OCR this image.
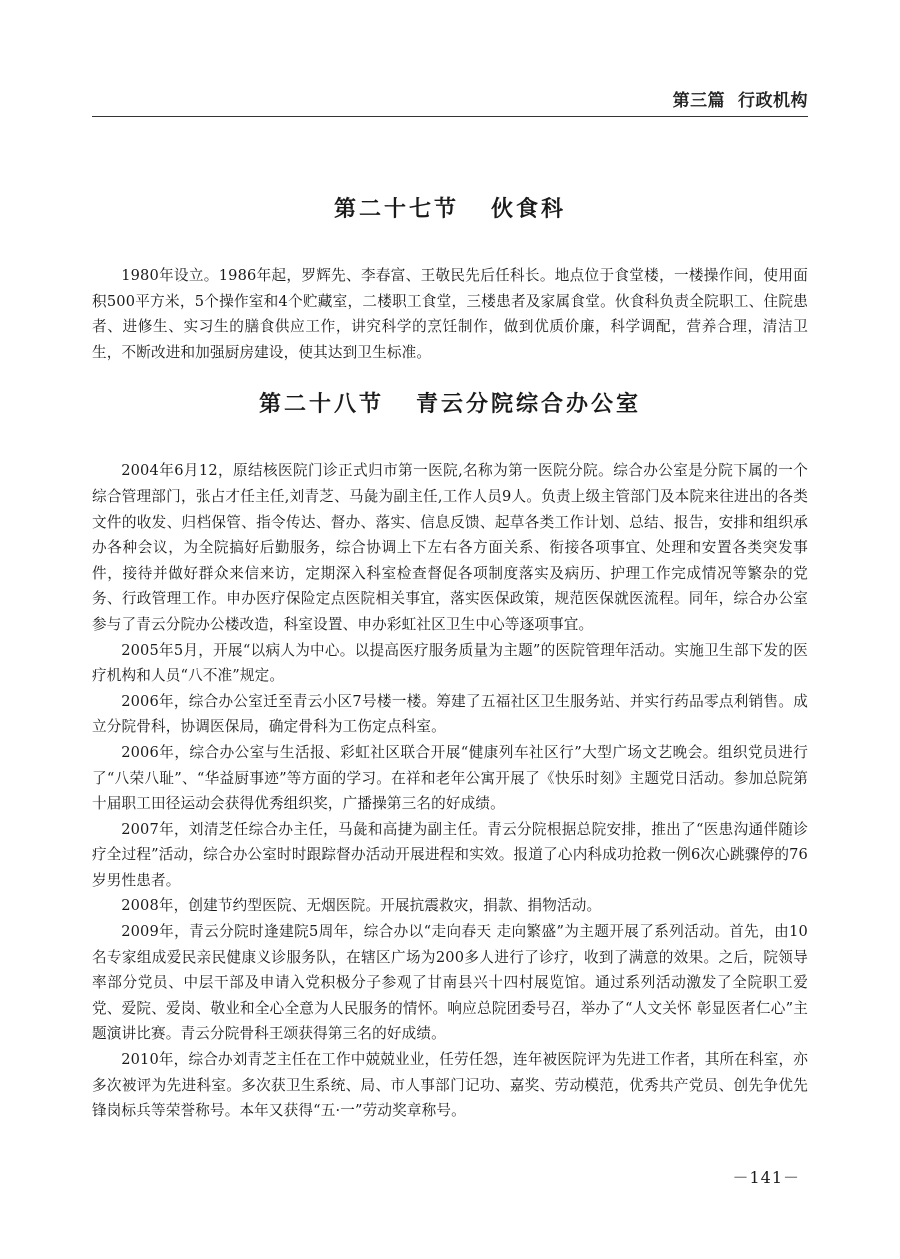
第三篇  行政机构
第二十七节   伙食科

1980年设立。1986年起，罗辉先、李春富、王敬民先后任科长。地点位于食堂楼，一楼操作间，使用面积500平方米，5个操作室和4个贮藏室，二楼职工食堂，三楼患者及家属食堂。伙食科负责全院职工、住院患者、进修生、实习生的膳食供应工作，讲究科学的烹饪制作，做到优质价廉，科学调配，营养合理，清洁卫生，不断改进和加强厨房建设，使其达到卫生标准。

第二十八节   青云分院综合办公室

2004年6月12，原结核医院门诊正式归市第一医院,名称为第一医院分院。综合办公室是分院下属的一个综合管理部门，张占才任主任,刘青芝、马彘为副主任,工作人员9人。负责上级主管部门及本院来往进出的各类文件的收发、归档保管、指令传达、督办、落实、信息反馈、起草各类工作计划、总结、报告，安排和组织承办各种会议，为全院搞好后勤服务，综合协调上下左右各方面关系、衔接各项事宜、处理和安置各类突发事件，接待并做好群众来信来访，定期深入科室检查督促各项制度落实及病历、护理工作完成情况等繁杂的党务、行政管理工作。申办医疗保险定点医院相关事宜，落实医保政策，规范医保就医流程。同年，综合办公室参与了青云分院办公楼改造，科室设置、申办彩虹社区卫生中心等逐项事宜。

2005年5月，开展“以病人为中心。以提高医疗服务质量为主题”的医院管理年活动。实施卫生部下发的医疗机构和人员“八不准”规定。

2006年，综合办公室迁至青云小区7号楼一楼。筹建了五福社区卫生服务站、并实行药品零点利销售。成立分院骨科，协调医保局，确定骨科为工伤定点科室。

2006年，综合办公室与生活报、彩虹社区联合开展“健康列车社区行”大型广场文艺晚会。组织党员进行了“八荣八耻”、“华益厨事迹”等方面的学习。在祥和老年公寓开展了《快乐时刻》主题党日活动。参加总院第十届职工田径运动会获得优秀组织奖，广播操第三名的好成绩。

2007年，刘清芝任综合办主任，马彘和高捷为副主任。青云分院根据总院安排，推出了“医患沟通伴随诊疗全过程”活动，综合办公室时时跟踪督办活动开展进程和实效。报道了心内科成功抢救一例6次心跳骤停的76岁男性患者。

2008年，创建节约型医院、无烟医院。开展抗震救灾，捐款、捐物活动。

2009年，青云分院时逢建院5周年，综合办以“走向春天 走向繁盛”为主题开展了系列活动。首先，由10名专家组成爱民亲民健康义诊服务队，在辖区广场为200多人进行了诊疗，收到了满意的效果。之后，院领导率部分党员、中层干部及申请入党积极分子参观了甘南县兴十四村展览馆。通过系列活动激发了全院职工爱党、爱院、爱岗、敬业和全心全意为人民服务的情怀。响应总院团委号召，举办了“人文关怀 彰显医者仁心”主题演讲比赛。青云分院骨科王颂获得第三名的好成绩。

2010年，综合办刘青芝主任在工作中兢兢业业，任劳任怨，连年被医院评为先进工作者，其所在科室，亦多次被评为先进科室。多次获卫生系统、局、市人事部门记功、嘉奖、劳动模范，优秀共产党员、创先争优先锋岗标兵等荣誉称号。本年又获得“五·一”劳动奖章称号。

－141－
